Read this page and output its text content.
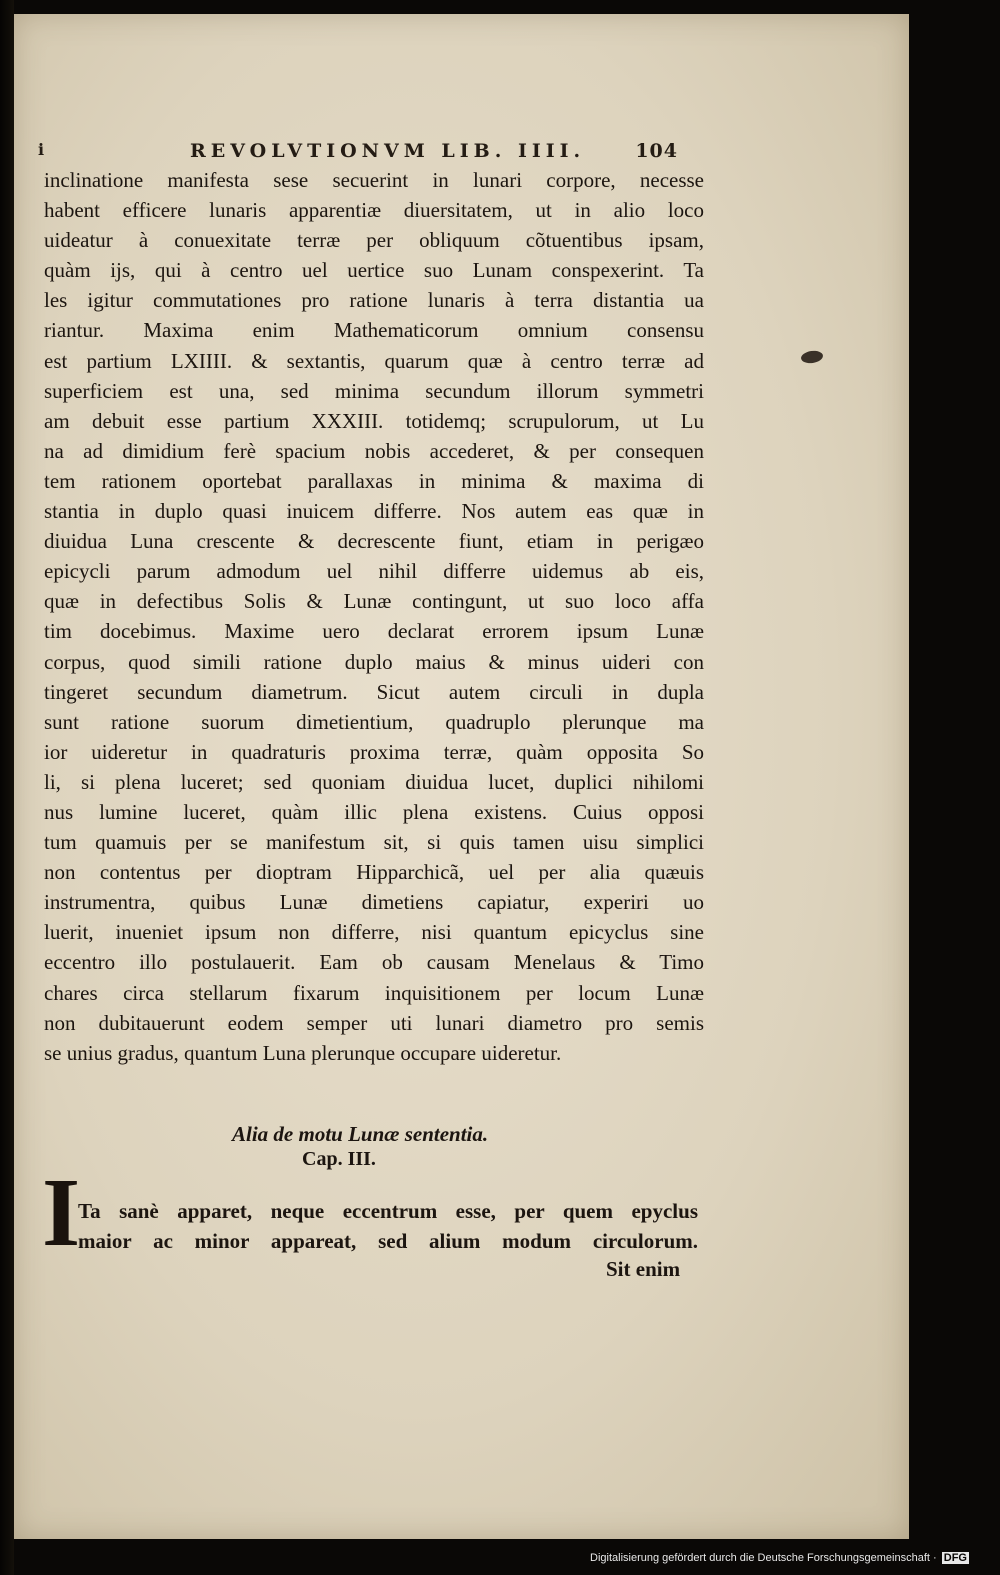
i	REVOLVTIONVM LIB. IIII.	104
inclinatione manifesta sese secuerint in lunari corpore, necesse
habent efficere lunaris apparentiæ diuersitatem, ut in alio loco
uideatur à conuexitate terræ per obliquum cõtuentibus ipsam,
quàm ijs, qui à centro uel uertice suo Lunam conspexerint. Ta
les igitur commutationes pro ratione lunaris à terra distantia ua
riantur. Maxima enim Mathematicorum omnium consensu
est partium LXIIII. & sextantis, quarum quæ à centro terræ ad
superficiem est una, sed minima secundum illorum symmetri
am debuit esse partium XXXIII. totidemq; scrupulorum, ut Lu
na ad dimidium ferè spacium nobis accederet, & per consequen
tem rationem oportebat parallaxas in minima & maxima di
stantia in duplo quasi inuicem differre. Nos autem eas quæ in
diuidua Luna crescente & decrescente fiunt, etiam in perigæo
epicycli parum admodum uel nihil differre uidemus ab eis,
quæ in defectibus Solis & Lunæ contingunt, ut suo loco affa
tim docebimus. Maxime uero declarat errorem ipsum Lunæ
corpus, quod simili ratione duplo maius & minus uideri con
tingeret secundum diametrum. Sicut autem circuli in dupla
sunt ratione suorum dimetientium, quadruplo plerunque ma
ior uideretur in quadraturis proxima terræ, quàm opposita So
li, si plena luceret; sed quoniam diuidua lucet, duplici nihilomi
nus lumine luceret, quàm illic plena existens. Cuius opposi
tum quamuis per se manifestum sit, si quis tamen uisu simplici
non contentus per dioptram Hipparchicã, uel per alia quæuis
instrumentra, quibus Lunæ dimetiens capiatur, experiri uo
luerit, inueniet ipsum non differre, nisi quantum epicyclus sine
eccentro illo postulauerit. Eam ob causam Menelaus & Timo
chares circa stellarum fixarum inquisitionem per locum Lunæ
non dubitauerunt eodem semper uti lunari diametro pro semis
se unius gradus, quantum Luna plerunque occupare uideretur.
Alia de motu Lunæ sententia.
Cap. III.
I
Ta sanè apparet, neque eccentrum esse, per quem epyclus
maior ac minor appareat, sed alium modum circulorum.
Sit enim
Digitalisierung gefördert durch die Deutsche Forschungsgemeinschaft · DFG
